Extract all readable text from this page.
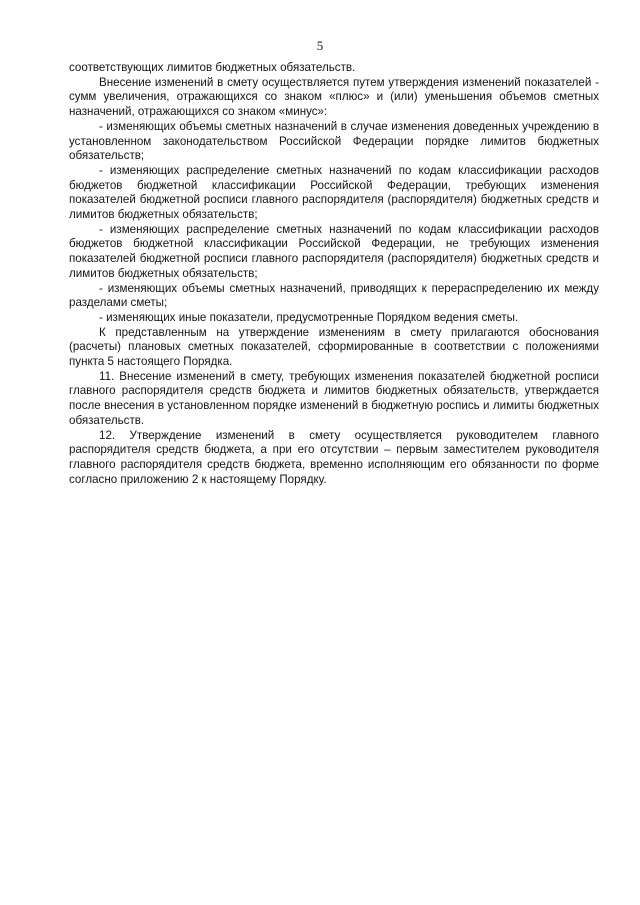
5

соответствующих лимитов бюджетных обязательств.

Внесение изменений в смету осуществляется путем утверждения изменений показателей - сумм увеличения, отражающихся со знаком «плюс» и (или) уменьшения объемов сметных назначений, отражающихся со знаком «минус»:

- изменяющих объемы сметных назначений в случае изменения доведенных учреждению в установленном законодательством Российской Федерации порядке лимитов бюджетных обязательств;

- изменяющих распределение сметных назначений по кодам классификации расходов бюджетов бюджетной классификации Российской Федерации, требующих изменения показателей бюджетной росписи главного распорядителя (распорядителя) бюджетных средств и лимитов бюджетных обязательств;

- изменяющих распределение сметных назначений по кодам классификации расходов бюджетов бюджетной классификации Российской Федерации, не требующих изменения показателей бюджетной росписи главного распорядителя (распорядителя) бюджетных средств и лимитов бюджетных обязательств;

- изменяющих объемы сметных назначений, приводящих к перераспределению их между разделами сметы;

- изменяющих иные показатели, предусмотренные Порядком ведения сметы.

К представленным на утверждение изменениям в смету прилагаются обоснования (расчеты) плановых сметных показателей, сформированные в соответствии с положениями пункта 5 настоящего Порядка.

11. Внесение изменений в смету, требующих изменения показателей бюджетной росписи главного распорядителя средств бюджета и лимитов бюджетных обязательств, утверждается после внесения в установленном порядке изменений в бюджетную роспись и лимиты бюджетных обязательств.

12. Утверждение изменений в смету осуществляется руководителем главного распорядителя средств бюджета, а при его отсутствии – первым заместителем руководителя главного распорядителя средств бюджета, временно исполняющим его обязанности по форме согласно приложению 2 к настоящему Порядку.
